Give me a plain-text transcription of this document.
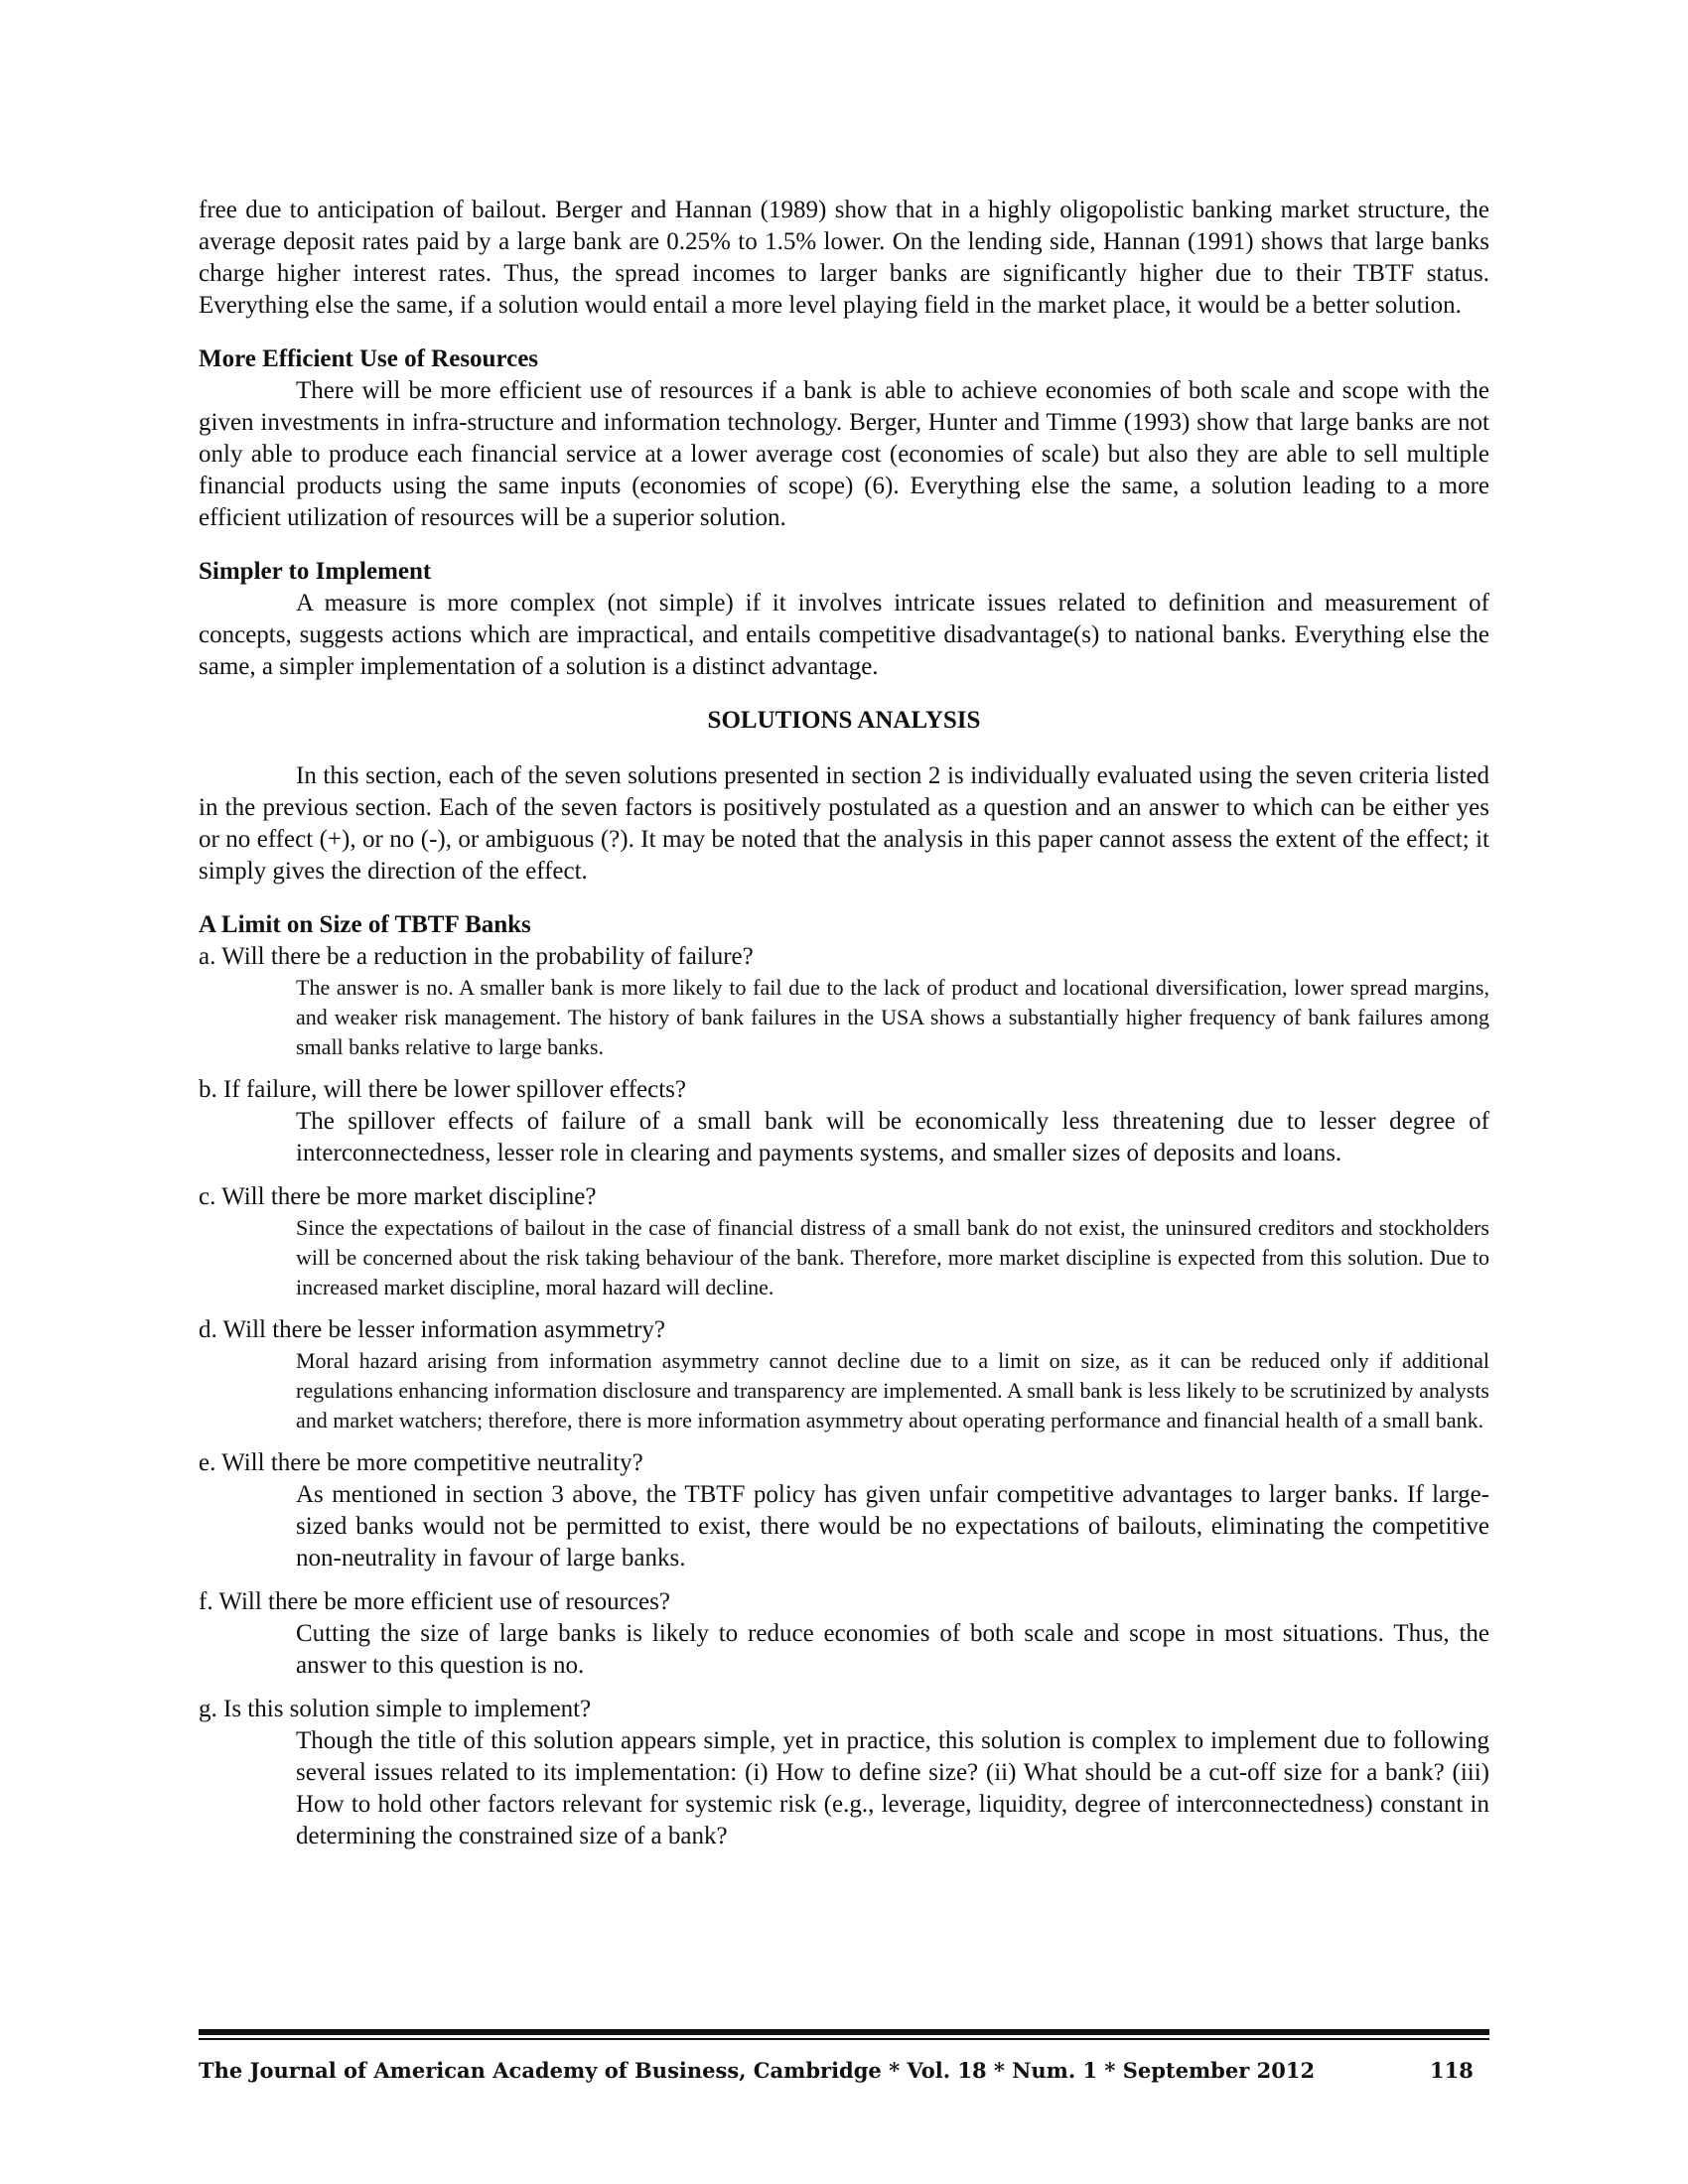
free due to anticipation of bailout. Berger and Hannan (1989) show that in a highly oligopolistic banking market structure, the average deposit rates paid by a large bank are 0.25% to 1.5% lower. On the lending side, Hannan (1991) shows that large banks charge higher interest rates. Thus, the spread incomes to larger banks are significantly higher due to their TBTF status. Everything else the same, if a solution would entail a more level playing field in the market place, it would be a better solution.

More Efficient Use of Resources

There will be more efficient use of resources if a bank is able to achieve economies of both scale and scope with the given investments in infra-structure and information technology. Berger, Hunter and Timme (1993) show that large banks are not only able to produce each financial service at a lower average cost (economies of scale) but also they are able to sell multiple financial products using the same inputs (economies of scope) (6). Everything else the same, a solution leading to a more efficient utilization of resources will be a superior solution.

Simpler to Implement

A measure is more complex (not simple) if it involves intricate issues related to definition and measurement of concepts, suggests actions which are impractical, and entails competitive disadvantage(s) to national banks. Everything else the same, a simpler implementation of a solution is a distinct advantage.

SOLUTIONS ANALYSIS

In this section, each of the seven solutions presented in section 2 is individually evaluated using the seven criteria listed in the previous section. Each of the seven factors is positively postulated as a question and an answer to which can be either yes or no effect (+), or no (-), or ambiguous (?). It may be noted that the analysis in this paper cannot assess the extent of the effect; it simply gives the direction of the effect.

A Limit on Size of TBTF Banks

a. Will there be a reduction in the probability of failure?

The answer is no. A smaller bank is more likely to fail due to the lack of product and locational diversification, lower spread margins, and weaker risk management. The history of bank failures in the USA shows a substantially higher frequency of bank failures among small banks relative to large banks.

b. If failure, will there be lower spillover effects?

The spillover effects of failure of a small bank will be economically less threatening due to lesser degree of interconnectedness, lesser role in clearing and payments systems, and smaller sizes of deposits and loans.

c. Will there be more market discipline?

Since the expectations of bailout in the case of financial distress of a small bank do not exist, the uninsured creditors and stockholders will be concerned about the risk taking behaviour of the bank. Therefore, more market discipline is expected from this solution. Due to increased market discipline, moral hazard will decline.

d. Will there be lesser information asymmetry?

Moral hazard arising from information asymmetry cannot decline due to a limit on size, as it can be reduced only if additional regulations enhancing information disclosure and transparency are implemented. A small bank is less likely to be scrutinized by analysts and market watchers; therefore, there is more information asymmetry about operating performance and financial health of a small bank.

e. Will there be more competitive neutrality?

As mentioned in section 3 above, the TBTF policy has given unfair competitive advantages to larger banks. If large-sized banks would not be permitted to exist, there would be no expectations of bailouts, eliminating the competitive non-neutrality in favour of large banks.

f. Will there be more efficient use of resources?

Cutting the size of large banks is likely to reduce economies of both scale and scope in most situations. Thus, the answer to this question is no.

g. Is this solution simple to implement?

Though the title of this solution appears simple, yet in practice, this solution is complex to implement due to following several issues related to its implementation: (i) How to define size? (ii) What should be a cut-off size for a bank? (iii) How to hold other factors relevant for systemic risk (e.g., leverage, liquidity, degree of interconnectedness) constant in determining the constrained size of a bank?

The Journal of American Academy of Business, Cambridge * Vol. 18 * Num. 1 * September 2012	118
